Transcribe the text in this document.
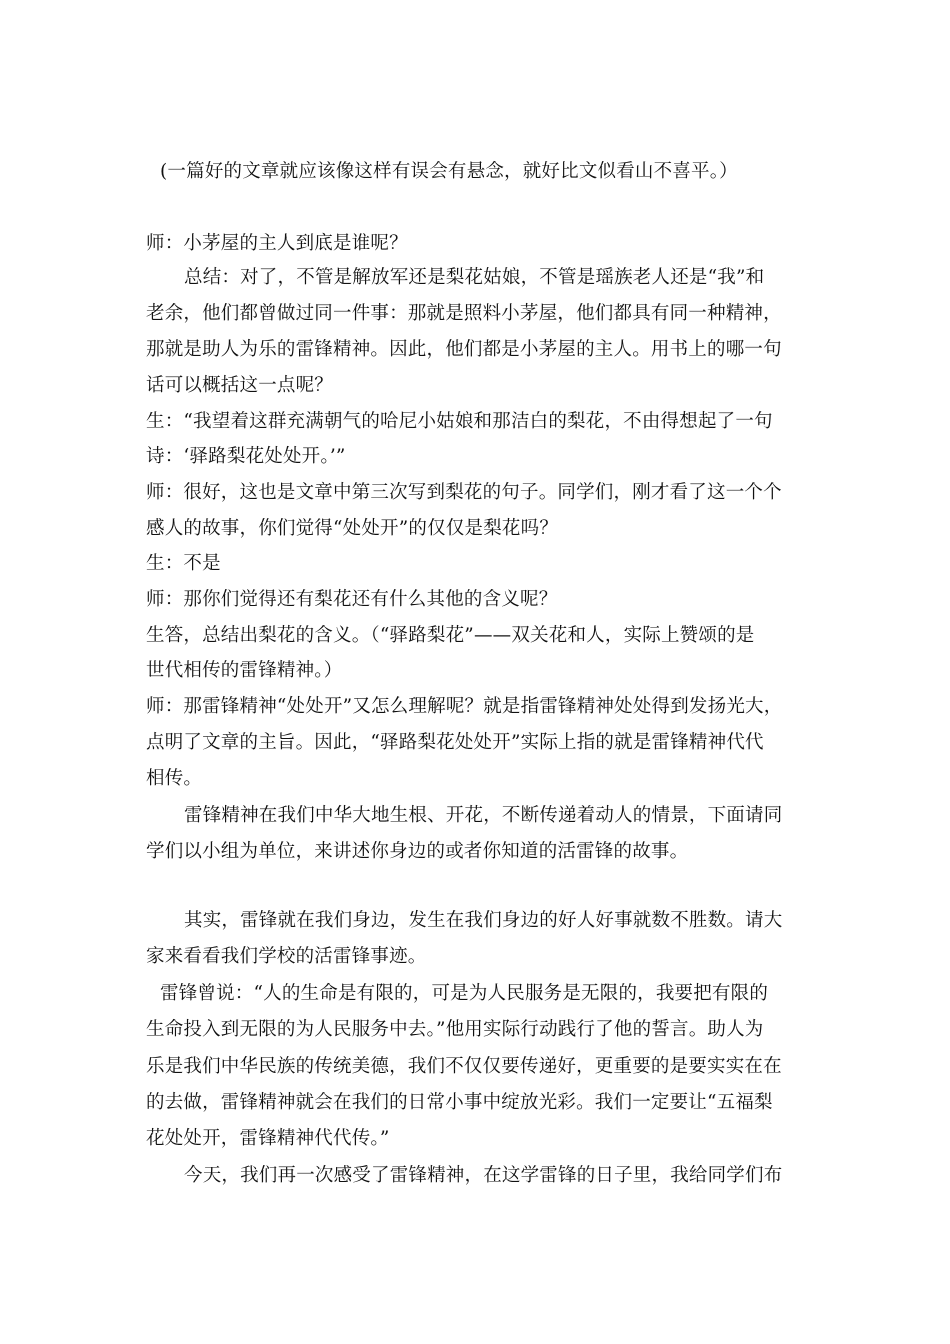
(一篇好的文章就应该像这样有误会有悬念，就好比文似看山不喜平。）
师：小茅屋的主人到底是谁呢？
总结：对了，不管是解放军还是梨花姑娘，不管是瑶族老人还是“我”和
老余，他们都曾做过同一件事：那就是照料小茅屋，他们都具有同一种精神，
那就是助人为乐的雷锋精神。因此，他们都是小茅屋的主人。用书上的哪一句
话可以概括这一点呢？
生：“我望着这群充满朝气的哈尼小姑娘和那洁白的梨花，不由得想起了一句
诗：‘驿路梨花处处开。’”
师：很好，这也是文章中第三次写到梨花的句子。同学们，刚才看了这一个个
感人的故事，你们觉得“处处开”的仅仅是梨花吗？
生：不是
师：那你们觉得还有梨花还有什么其他的含义呢？
生答，总结出梨花的含义。（“驿路梨花”——双关花和人，实际上赞颂的是
世代相传的雷锋精神。）
师：那雷锋精神“处处开”又怎么理解呢？就是指雷锋精神处处得到发扬光大，
点明了文章的主旨。因此，“驿路梨花处处开”实际上指的就是雷锋精神代代
相传。
雷锋精神在我们中华大地生根、开花，不断传递着动人的情景，下面请同
学们以小组为单位，来讲述你身边的或者你知道的活雷锋的故事。
其实，雷锋就在我们身边，发生在我们身边的好人好事就数不胜数。请大
家来看看我们学校的活雷锋事迹。
雷锋曾说：“人的生命是有限的，可是为人民服务是无限的，我要把有限的
生命投入到无限的为人民服务中去。”他用实际行动践行了他的誓言。助人为
乐是我们中华民族的传统美德，我们不仅仅要传递好，更重要的是要实实在在
的去做，雷锋精神就会在我们的日常小事中绽放光彩。我们一定要让“五福梨
花处处开，雷锋精神代代传。”
今天，我们再一次感受了雷锋精神，在这学雷锋的日子里，我给同学们布
